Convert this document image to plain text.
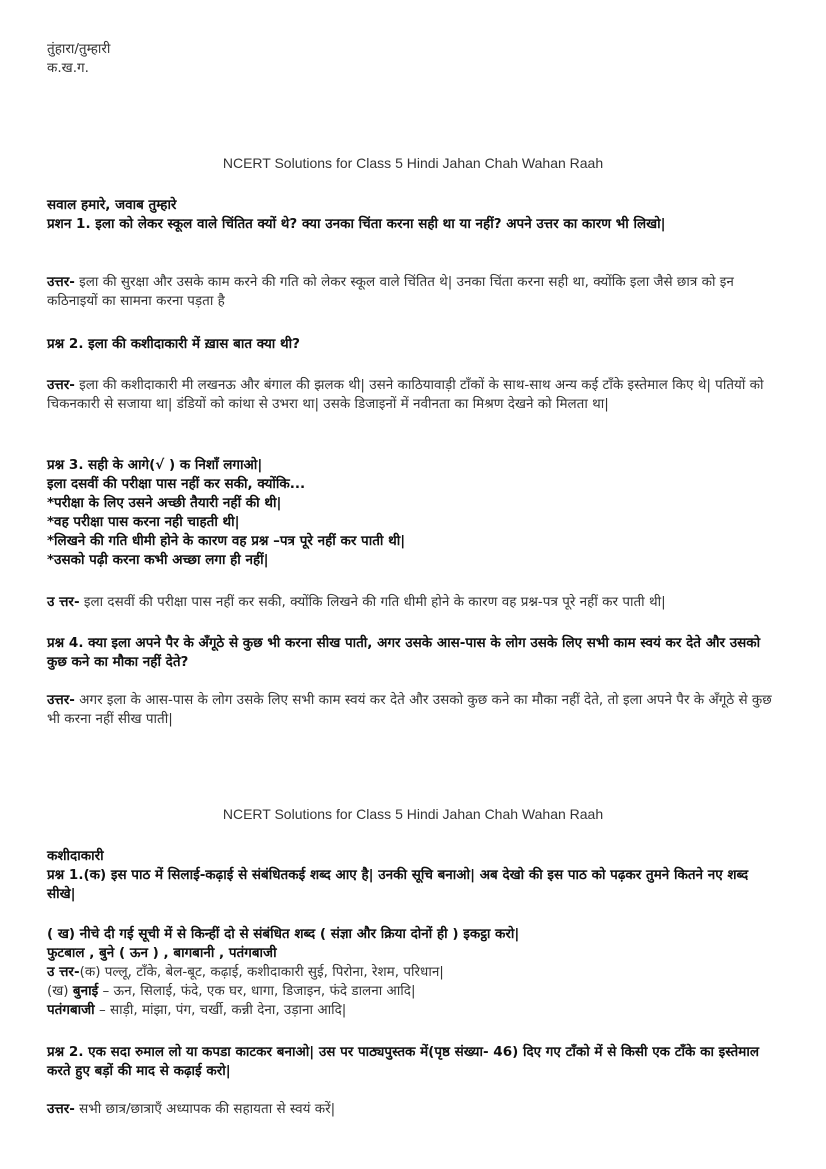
तुंहारा/तुम्हारी

क.ख.ग.

NCERT Solutions for Class 5 Hindi Jahan Chah Wahan Raah

सवाल हमारे, जवाब तुम्हारे

प्रशन 1. इला को लेकर स्कूल वाले चिंतित क्यों थे? क्या उनका चिंता करना सही था या नहीं? अपने उत्तर का कारण भी लिखो|

उत्तर- इला की सुरक्षा और उसके काम करने की गति को लेकर स्कूल वाले चिंतित थे| उनका चिंता करना सही था, क्योंकि इला जैसे छात्र को इन कठिनाइयों का सामना करना पड़ता है

प्रश्न 2. इला की कशीदाकारी में ख़ास बात क्या थी?

उत्तर- इला की कशीदाकारी मी लखनऊ और बंगाल की झलक थी| उसने काठियावाड़ी टाँकों के साथ-साथ अन्य कई टाँके इस्तेमाल किए थे| पतियों को चिकनकारी से सजाया था| डंडियों को कांथा से उभरा था| उसके डिजाइनों में नवीनता का मिश्रण देखने को मिलता था|

प्रश्न 3. सही के आगे(√ ) क निशाँ लगाओ|

इला दसवीं की परीक्षा पास नहीं कर सकी, क्योंकि...

*परीक्षा के लिए उसने अच्छी तैयारी नहीं की थी|

*वह परीक्षा पास करना नही चाहती थी|

*लिखने की गति धीमी होने के कारण वह प्रश्न –पत्र पूरे नहीं कर पाती थी|

*उसको पढ़ी करना कभी अच्छा लगा ही नहीं|

उ त्तर- इला दसवीं की परीक्षा पास नहीं कर सकी, क्योंकि लिखने की गति धीमी होने के कारण वह प्रश्न-पत्र पूरे नहीं कर पाती थी|

प्रश्न 4. क्या इला अपने पैर के अँगूठे से कुछ भी करना सीख पाती, अगर उसके आस-पास के लोग उसके लिए सभी काम स्वयं कर देते और उसको कुछ कने का मौका नहीं देते?

उत्तर- अगर इला के आस-पास के लोग उसके लिए सभी काम स्वयं कर देते और उसको कुछ कने का मौका नहीं देते, तो इला अपने पैर के अँगूठे से कुछ भी करना नहीं सीख पाती|

NCERT Solutions for Class 5 Hindi Jahan Chah Wahan Raah

कशीदाकारी

प्रश्न 1.(क) इस पाठ में सिलाई-कढ़ाई से संबंधितकई शब्द आए है| उनकी सूचि बनाओ| अब देखो की इस पाठ को पढ़कर तुमने कितने नए शब्द सीखे|

( ख) नीचे दी गई सूची में से किन्हीं दो से संबंधित शब्द ( संज्ञा और क्रिया दोनों ही ) इकट्ठा करो|

फुटबाल , बुने ( ऊन ) , बागबानी , पतंगबाजी

उ त्तर-(क) पल्लू, टाँके, बेल-बूट, कढ़ाई, कशीदाकारी सुई, पिरोना, रेशम, परिधान|

(ख) बुनाई – ऊन, सिलाई, फंदे, एक घर, धागा, डिजाइन, फंदे डालना आदि|

पतंगबाजी – साड़ी, मांझा, पंग, चर्खी, कन्नी देना, उड़ाना आदि|

प्रश्न 2. एक सदा रुमाल लो या कपडा काटकर बनाओ| उस पर पाठ्यपुस्तक में(पृष्ठ संख्या- 46) दिए गए टाँको में से किसी एक टाँके का इस्तेमाल करते हुए बड़ों की माद से कढ़ाई करो|

उत्तर- सभी छात्र/छात्राएँ अध्यापक की सहायता से स्वयं करें|
